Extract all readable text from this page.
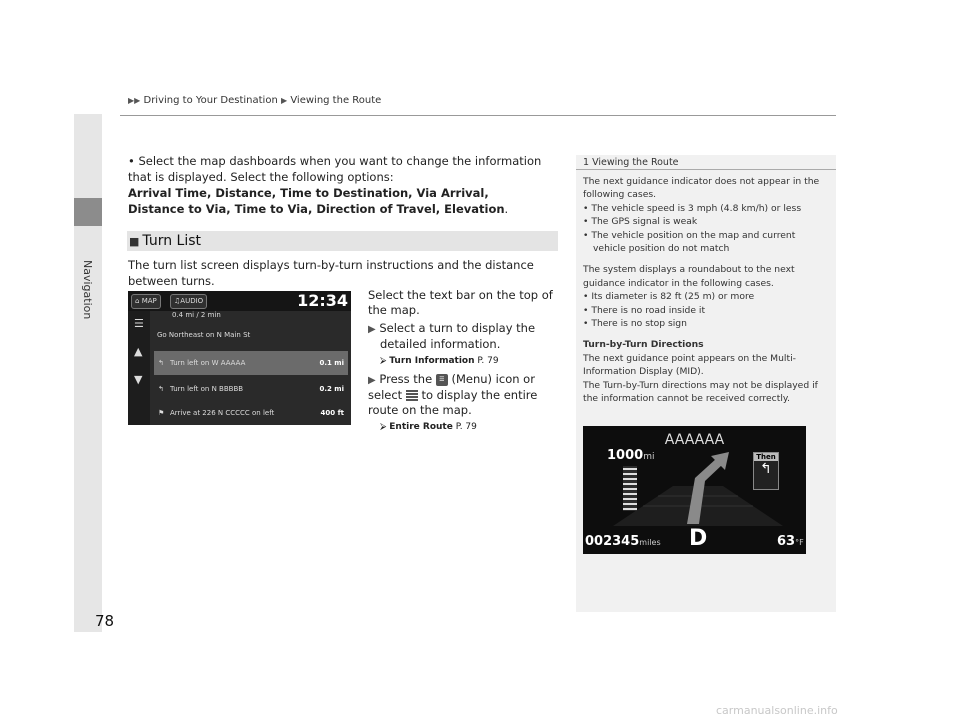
Navigation
▶▶ Driving to Your Destination ▶ Viewing the Route
• Select the map dashboards when you want to change the information that is displayed. Select the following options:
Arrival Time, Distance, Time to Destination, Via Arrival, Distance to Via, Time to Via, Direction of Travel, Elevation.
■ Turn List
The turn list screen displays turn-by-turn instructions and the distance between turns.
⌂ MAP	♫AUDIO	12:34
☰
▲
▼
0.4 mi / 2 min
Go Northeast on N Main St
↰ Turn left on W AAAAA	0.1 mi
↰ Turn left on N BBBBB	0.2 mi
⚑ Arrive at 226 N CCCCC on left	400 ft
Select the text bar on the top of the map.
▶ Select a turn to display the detailed information.
⮚ Turn Information P. 79
▶ Press the ☰ (Menu) icon or select to display the entire route on the map.
⮚ Entire Route P. 79
1 Viewing the Route
The next guidance indicator does not appear in the following cases.
• The vehicle speed is 3 mph (4.8 km/h) or less
• The GPS signal is weak
• The vehicle position on the map and current vehicle position do not match
The system displays a roundabout to the next guidance indicator in the following cases.
• Its diameter is 82 ft (25 m) or more
• There is no road inside it
• There is no stop sign
Turn-by-Turn Directions
The next guidance point appears on the Multi-Information Display (MID).
The Turn-by-Turn directions may not be displayed if the information cannot be received correctly.
AAAAAA
1000mi	Then
↰
002345miles D	63°F
78
carmanualsonline.info
